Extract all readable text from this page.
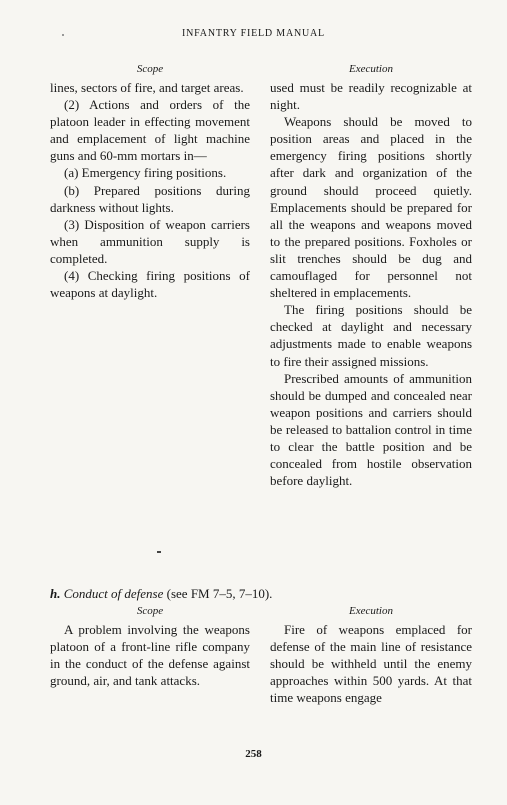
INFANTRY FIELD MANUAL
Scope

lines, sectors of fire, and target areas.

(2) Actions and orders of the platoon leader in effecting movement and emplacement of light machine guns and 60-mm mortars in—

(a) Emergency firing positions.

(b) Prepared positions during darkness without lights.

(3) Disposition of weapon carriers when ammunition supply is completed.

(4) Checking firing positions of weapons at daylight.

Execution

used must be readily recognizable at night.

Weapons should be moved to position areas and placed in the emergency firing positions shortly after dark and organization of the ground should proceed quietly. Emplacements should be prepared for all the weapons and weapons moved to the prepared positions. Foxholes or slit trenches should be dug and camouflaged for personnel not sheltered in emplacements.

The firing positions should be checked at daylight and necessary adjustments made to enable weapons to fire their assigned missions.

Prescribed amounts of ammunition should be dumped and concealed near weapon positions and carriers should be released to battalion control in time to clear the battle position and be concealed from hostile observation before daylight.

h. Conduct of defense (see FM 7–5, 7–10).
Scope

A problem involving the weapons platoon of a front-line rifle company in the conduct of the defense against ground, air, and tank attacks.

Execution

Fire of weapons emplaced for defense of the main line of resistance should be withheld until the enemy approaches within 500 yards. At that time weapons engage

258
